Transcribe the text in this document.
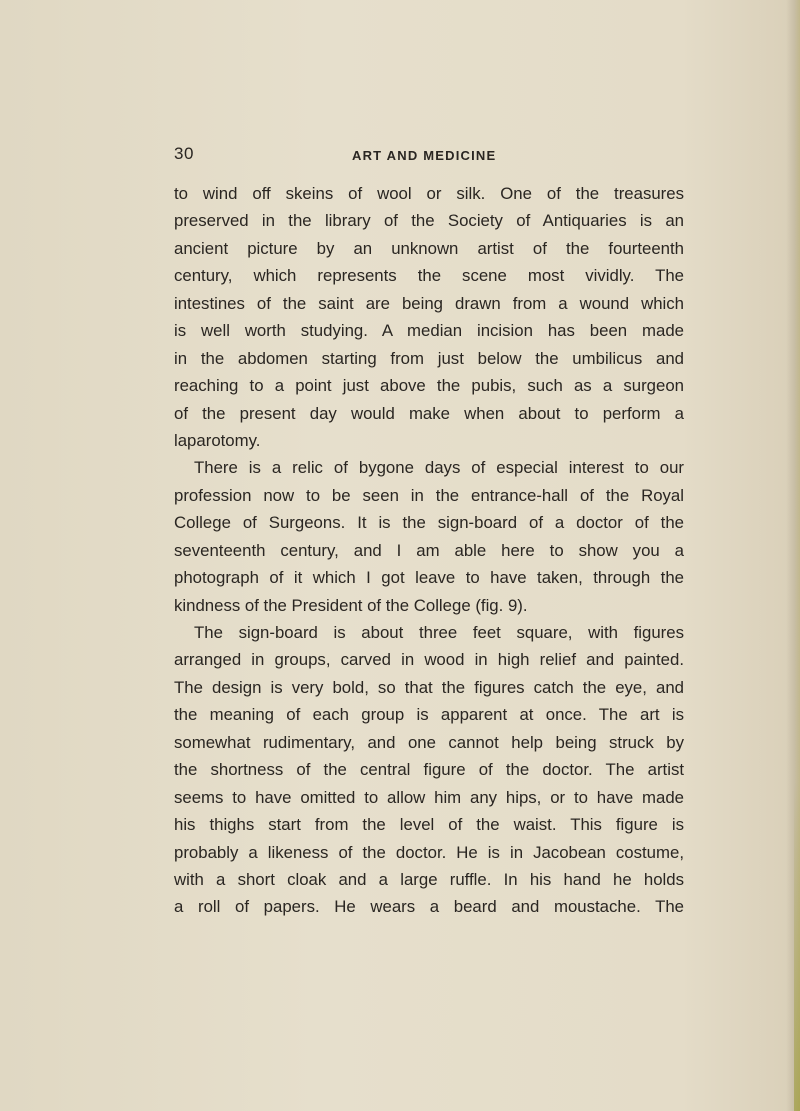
30	ART AND MEDICINE
to wind off skeins of wool or silk. One of the treasures
preserved in the library of the Society of Antiquaries is an
ancient picture by an unknown artist of the fourteenth
century, which represents the scene most vividly. The
intestines of the saint are being drawn from a wound which
is well worth studying. A median incision has been made
in the abdomen starting from just below the umbilicus and
reaching to a point just above the pubis, such as a surgeon
of the present day would make when about to perform a
laparotomy.
There is a relic of bygone days of especial interest to our
profession now to be seen in the entrance-hall of the Royal
College of Surgeons. It is the sign-board of a doctor of the
seventeenth century, and I am able here to show you a
photograph of it which I got leave to have taken, through the
kindness of the President of the College (fig. 9).
The sign-board is about three feet square, with figures
arranged in groups, carved in wood in high relief and painted.
The design is very bold, so that the figures catch the eye, and
the meaning of each group is apparent at once. The art is
somewhat rudimentary, and one cannot help being struck by
the shortness of the central figure of the doctor. The artist
seems to have omitted to allow him any hips, or to have made
his thighs start from the level of the waist. This figure is
probably a likeness of the doctor. He is in Jacobean costume,
with a short cloak and a large ruffle. In his hand he holds
a roll of papers. He wears a beard and moustache. The
